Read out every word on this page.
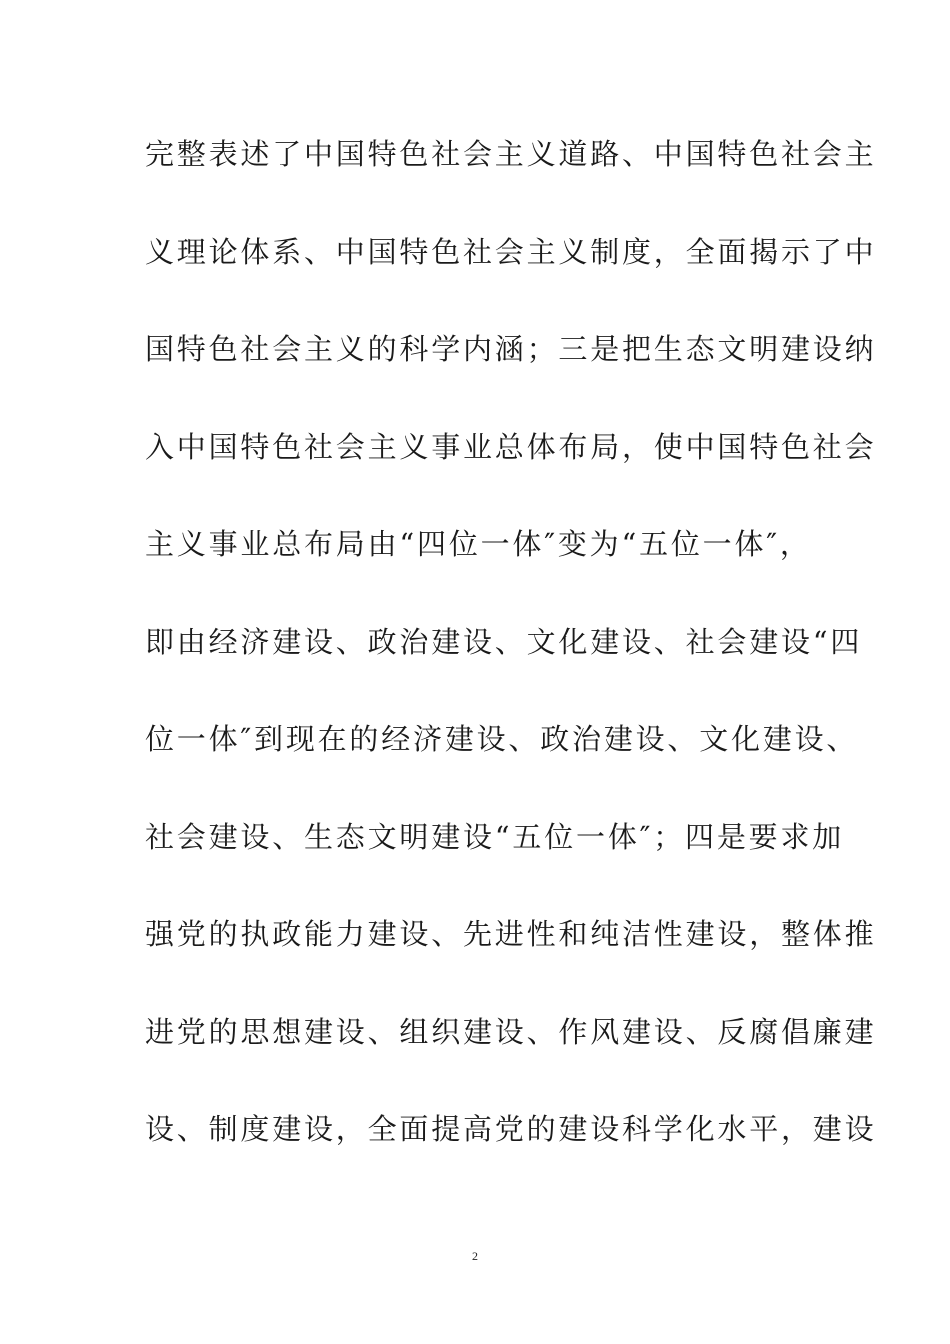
完整表述了中国特色社会主义道路、中国特色社会主
义理论体系、中国特色社会主义制度，全面揭示了中
国特色社会主义的科学内涵；三是把生态文明建设纳
入中国特色社会主义事业总体布局，使中国特色社会
主义事业总布局由“四位一体″变为“五位一体″，
即由经济建设、政治建设、文化建设、社会建设“四
位一体″到现在的经济建设、政治建设、文化建设、
社会建设、生态文明建设“五位一体″；四是要求加
强党的执政能力建设、先进性和纯洁性建设，整体推
进党的思想建设、组织建设、作风建设、反腐倡廉建
设、制度建设，全面提高党的建设科学化水平，建设
2
